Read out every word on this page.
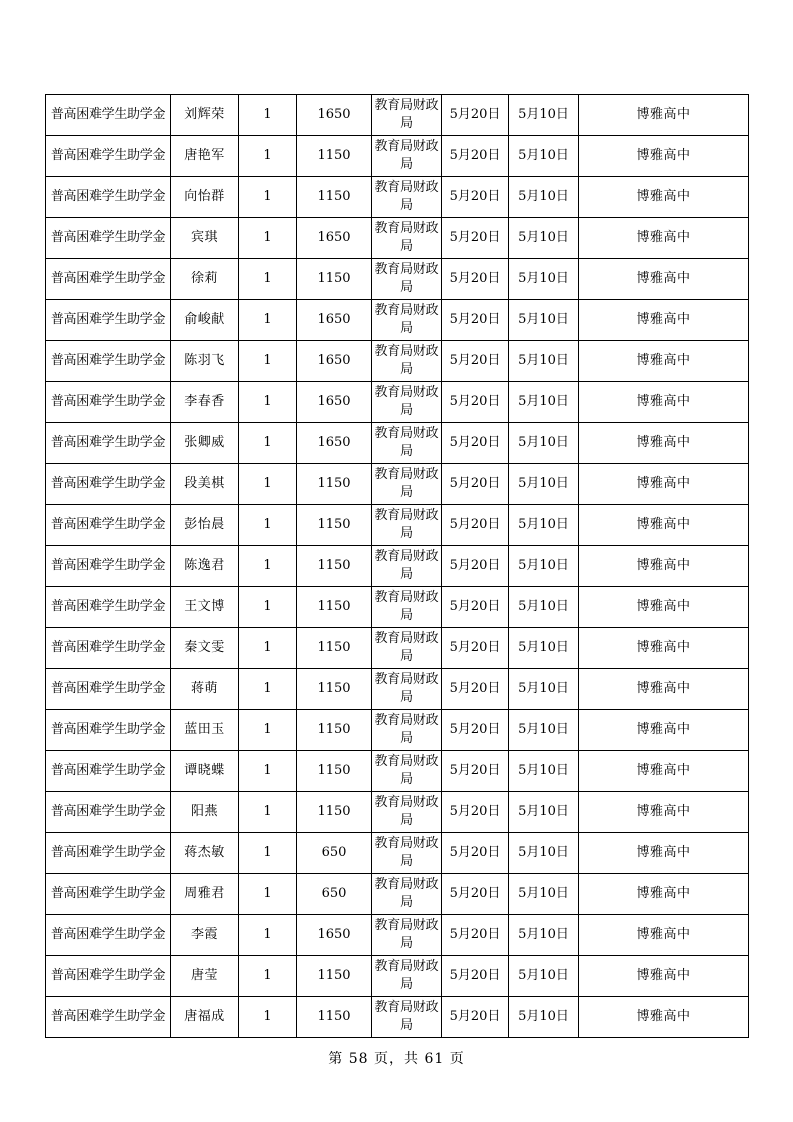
普高困难学生助学金	刘辉荣	1	1650	教育局财政局	5月20日	5月10日	博雅高中
普高困难学生助学金	唐艳军	1	1150	教育局财政局	5月20日	5月10日	博雅高中
普高困难学生助学金	向怡群	1	1150	教育局财政局	5月20日	5月10日	博雅高中
普高困难学生助学金	宾琪	1	1650	教育局财政局	5月20日	5月10日	博雅高中
普高困难学生助学金	徐莉	1	1150	教育局财政局	5月20日	5月10日	博雅高中
普高困难学生助学金	俞峻献	1	1650	教育局财政局	5月20日	5月10日	博雅高中
普高困难学生助学金	陈羽飞	1	1650	教育局财政局	5月20日	5月10日	博雅高中
普高困难学生助学金	李春香	1	1650	教育局财政局	5月20日	5月10日	博雅高中
普高困难学生助学金	张卿威	1	1650	教育局财政局	5月20日	5月10日	博雅高中
普高困难学生助学金	段美棋	1	1150	教育局财政局	5月20日	5月10日	博雅高中
普高困难学生助学金	彭怡晨	1	1150	教育局财政局	5月20日	5月10日	博雅高中
普高困难学生助学金	陈逸君	1	1150	教育局财政局	5月20日	5月10日	博雅高中
普高困难学生助学金	王文博	1	1150	教育局财政局	5月20日	5月10日	博雅高中
普高困难学生助学金	秦文雯	1	1150	教育局财政局	5月20日	5月10日	博雅高中
普高困难学生助学金	蒋萌	1	1150	教育局财政局	5月20日	5月10日	博雅高中
普高困难学生助学金	蓝田玉	1	1150	教育局财政局	5月20日	5月10日	博雅高中
普高困难学生助学金	谭晓蝶	1	1150	教育局财政局	5月20日	5月10日	博雅高中
普高困难学生助学金	阳燕	1	1150	教育局财政局	5月20日	5月10日	博雅高中
普高困难学生助学金	蒋杰敏	1	650	教育局财政局	5月20日	5月10日	博雅高中
普高困难学生助学金	周雅君	1	650	教育局财政局	5月20日	5月10日	博雅高中
普高困难学生助学金	李霞	1	1650	教育局财政局	5月20日	5月10日	博雅高中
普高困难学生助学金	唐莹	1	1150	教育局财政局	5月20日	5月10日	博雅高中
普高困难学生助学金	唐福成	1	1150	教育局财政局	5月20日	5月10日	博雅高中
第 58 页，共 61 页
